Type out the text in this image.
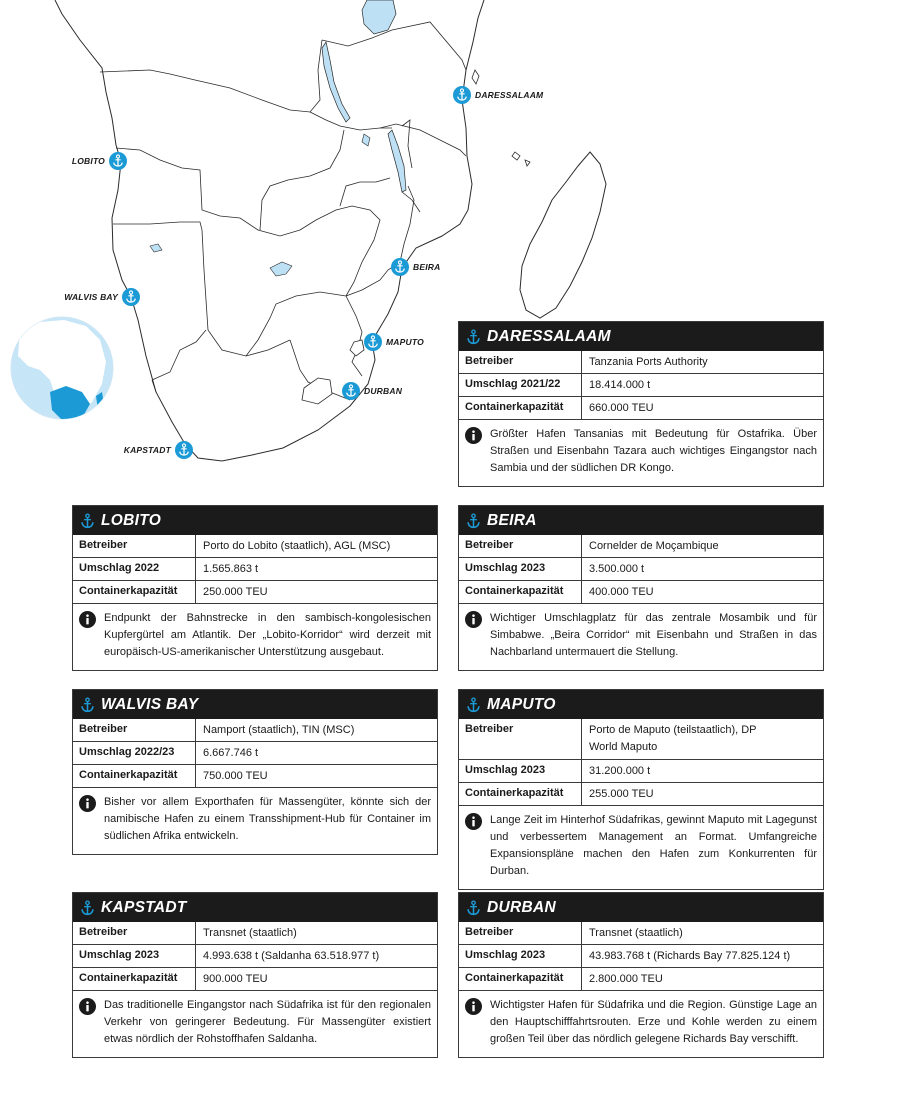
DARESSALAAM
LOBITO
BEIRA
WALVIS BAY
MAPUTO
DURBAN
KAPSTADT
DARESSALAAM
Betreiber	Tanzania Ports Authority
Umschlag 2021/22	18.414.000 t
Containerkapazität	660.000 TEU
Größter Hafen Tansanias mit Bedeutung für Ostafrika. Über Straßen und Eisenbahn Tazara auch wichtiges Eingangstor nach Sambia und der südlichen DR Kongo.
LOBITO
Betreiber	Porto do Lobito (staatlich), AGL (MSC)
Umschlag 2022	1.565.863 t
Containerkapazität	250.000 TEU
Endpunkt der Bahnstrecke in den sambisch-kongolesischen Kupfergürtel am Atlantik. Der „Lobito-Korridor“ wird derzeit mit europäisch-US-amerikanischer Unterstützung ausgebaut.
BEIRA
Betreiber	Cornelder de Moçambique
Umschlag 2023	3.500.000 t
Containerkapazität	400.000 TEU
Wichtiger Umschlagplatz für das zentrale Mosambik und für Simbabwe. „Beira Corridor“ mit Eisenbahn und Straßen in das Nachbarland untermauert die Stellung.
WALVIS BAY
Betreiber	Namport (staatlich), TIN (MSC)
Umschlag 2022/23	6.667.746 t
Containerkapazität	750.000 TEU
Bisher vor allem Exporthafen für Massengüter, könnte sich der namibische Hafen zu einem Transshipment-Hub für Container im südlichen Afrika entwickeln.
MAPUTO
Betreiber	Porto de Maputo (teilstaatlich), DP World Maputo
Umschlag 2023	31.200.000 t
Containerkapazität	255.000 TEU
Lange Zeit im Hinterhof Südafrikas, gewinnt Maputo mit Lagegunst und verbessertem Management an Format. Umfangreiche Expansionspläne machen den Hafen zum Konkurrenten für Durban.
KAPSTADT
Betreiber	Transnet (staatlich)
Umschlag 2023	4.993.638 t (Saldanha 63.518.977 t)
Containerkapazität	900.000 TEU
Das traditionelle Eingangstor nach Südafrika ist für den regionalen Verkehr von geringerer Bedeutung. Für Massengüter existiert etwas nördlich der Rohstoffhafen Saldanha.
DURBAN
Betreiber	Transnet (staatlich)
Umschlag 2023	43.983.768 t (Richards Bay 77.825.124 t)
Containerkapazität	2.800.000 TEU
Wichtigster Hafen für Südafrika und die Region. Günstige Lage an den Hauptschifffahrtsrouten. Erze und Kohle werden zu einem großen Teil über das nördlich gelegene Richards Bay verschifft.
